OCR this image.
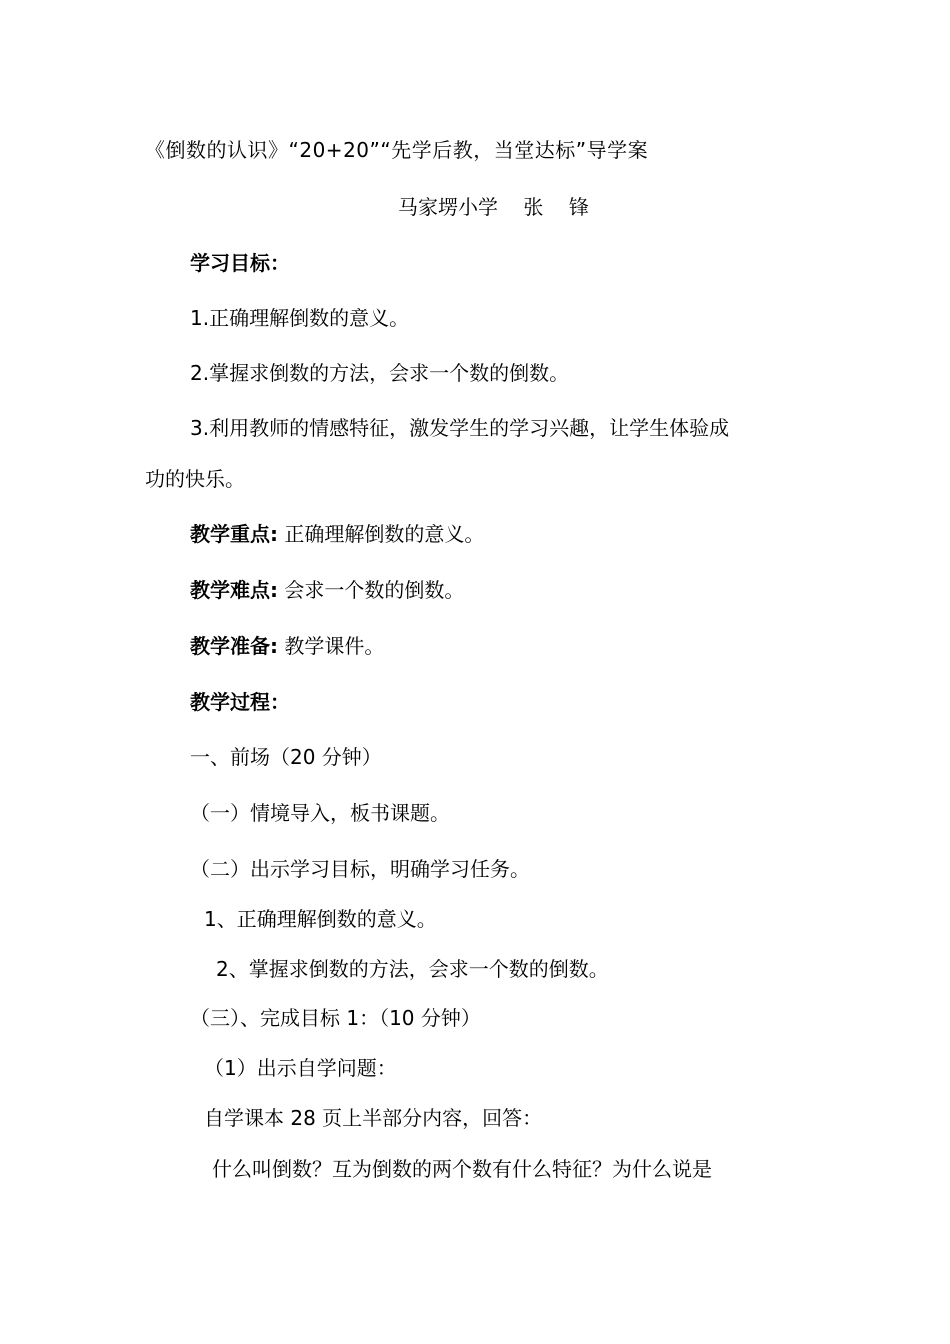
《倒数的认识》“20+20”“先学后教，当堂达标”导学案
马家塄小学    张    锋
学习目标：
1.正确理解倒数的意义。
2.掌握求倒数的方法，会求一个数的倒数。
3.利用教师的情感特征，激发学生的学习兴趣，让学生体验成
功的快乐。
教学重点: 正确理解倒数的意义。
教学难点: 会求一个数的倒数。
教学准备: 教学课件。
教学过程：
一、前场（20 分钟）
（一）情境导入，板书课题。
（二）出示学习目标，明确学习任务。
1、正确理解倒数的意义。
2、掌握求倒数的方法，会求一个数的倒数。
（三）、完成目标 1：（10 分钟）
（1）出示自学问题：
自学课本 28 页上半部分内容，回答：
什么叫倒数？互为倒数的两个数有什么特征？为什么说是
